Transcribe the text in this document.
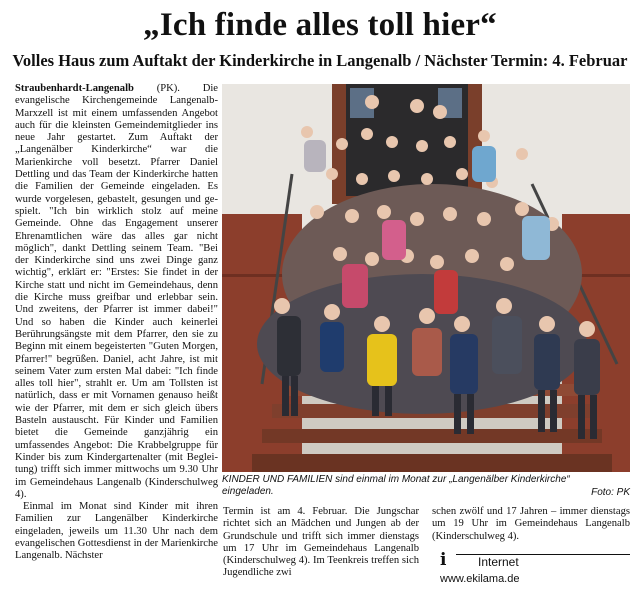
„Ich finde alles toll hier“
Volles Haus zum Auftakt der Kinderkirche in Langenalb / Nächster Termin: 4. Februar

Straubenhardt-Langenalb (PK). Die evangelische Kirchengemeinde Langenalb-Marxzell ist mit einem umfassenden Angebot auch für die kleinsten Gemeindemitglieder ins neue Jahr gestartet. Zum Auftakt der „Langenälber Kinderkirche“ war die Marienkirche voll besetzt. Pfarrer Daniel Dettling und das Team der Kinderkirche hatten die Familien der Gemeinde eingeladen. Es wurde vorgelesen, gebastelt, gesungen und gespielt. "Ich bin wirklich stolz auf meine Gemeinde. Ohne das Engagement unserer Ehrenamtlichen wäre das alles gar nicht möglich", dankt Dettling seinem Team. "Bei der Kinderkirche sind uns zwei Dinge ganz wichtig", erklärt er: "Erstes: Sie findet in der Kirche statt und nicht im Gemeindehaus, denn die Kirche muss greifbar und erlebbar sein. Und zweitens, der Pfarrer ist immer dabei!" Und so haben die Kinder auch keinerlei Berührungsängste mit dem Pfarrer, den sie zu Beginn mit einem begeisterten "Guten Morgen, Pfarrer!" begrüßen. Daniel, acht Jahre, ist mit seinem Vater zum ersten Mal dabei: "Ich finde alles toll hier", strahlt er. Um am Tollsten ist natürlich, dass er mit Vornamen genauso heißt wie der Pfarrer, mit dem er sich gleich übers Basteln austauscht. Für Kinder und Familien bietet die Gemeinde ganzjährig ein umfassendes Angebot: Die Krabbelgruppe für Kinder bis zum Kindergartenalter (mit Begleitung) trifft sich immer mittwochs um 9.30 Uhr im Gemeindehaus Langenalb (Kinderschulweg 4).

Einmal im Monat sind Kinder mit ihren Familien zur Langenälber Kinderkirche eingeladen, jeweils um 11.30 Uhr nach dem evangelischen Gottesdienst in der Marienkirche Langenalb. Nächster

KINDER UND FAMILIEN sind einmal im Monat zur „Langenälber Kinderkirche“ eingeladen.	Foto: PK

Termin ist am 4. Februar. Die Jungschar richtet sich an Mädchen und Jungen ab der Grundschule und trifft sich immer dienstags um 17 Uhr im Gemeindehaus Langenalb (Kinderschulweg 4). Im Teenkreis treffen sich Jugendliche zwi

schen zwölf und 17 Jahren – immer dienstags um 19 Uhr im Gemeindehaus Langenalb (Kinderschulweg 4).

i	Internet
www.ekilama.de
